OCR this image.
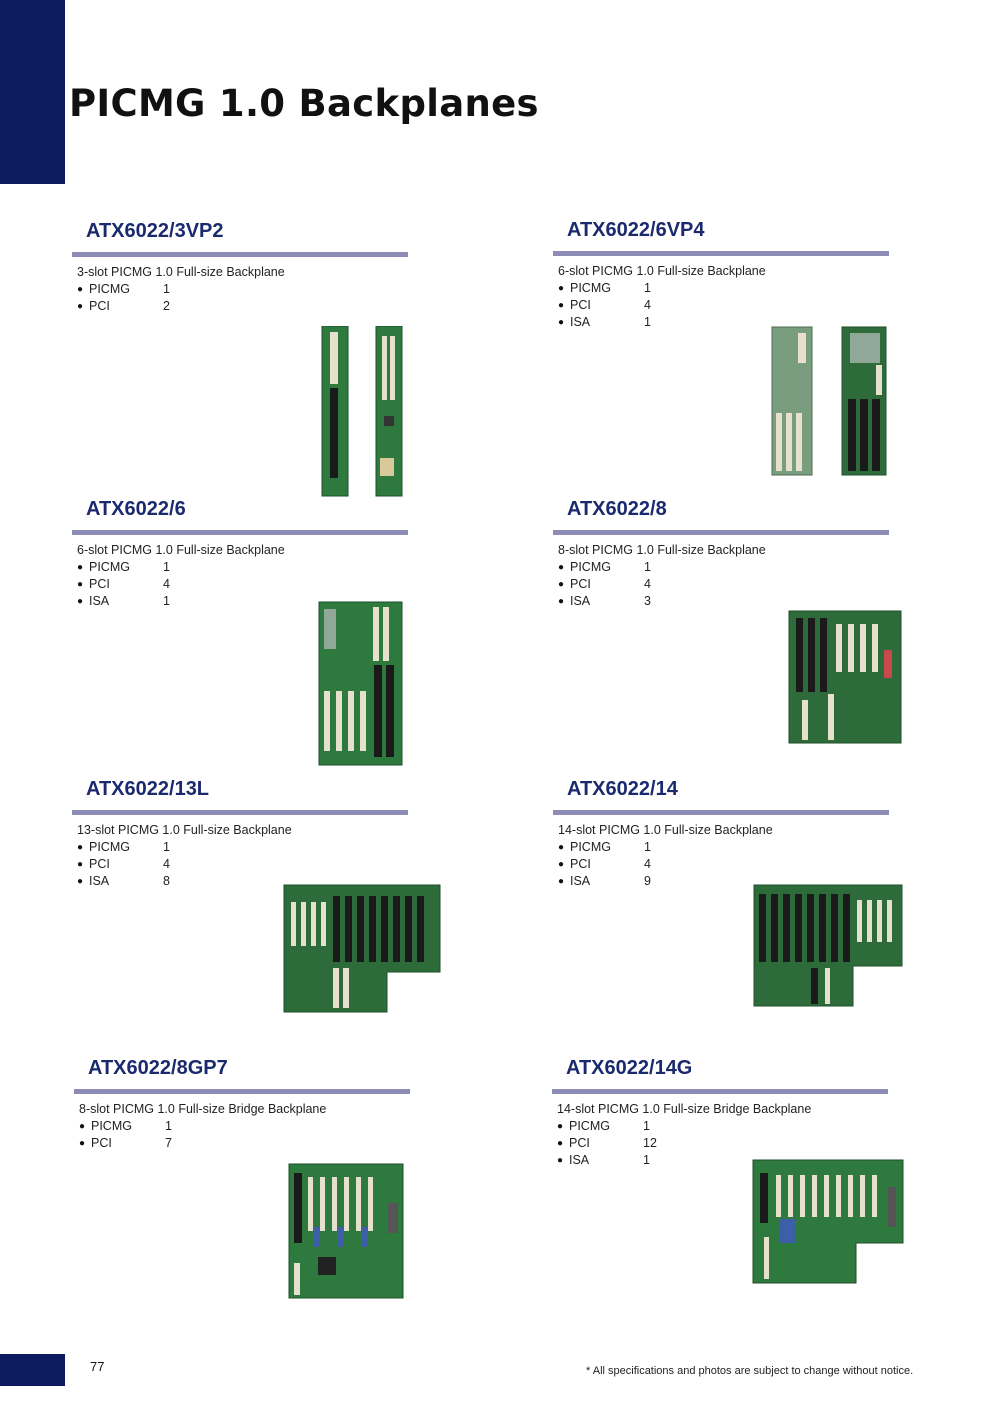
PICMG 1.0 Backplanes
ATX6022/3VP2
3-slot PICMG 1.0 Full-size Backplane
● PICMG	1
● PCI	2
ATX6022/6VP4
6-slot PICMG 1.0 Full-size Backplane
● PICMG	1
● PCI	4
● ISA	1
ATX6022/6
6-slot PICMG 1.0 Full-size Backplane
● PICMG	1
● PCI	4
● ISA	1
ATX6022/8
8-slot PICMG 1.0 Full-size Backplane
● PICMG	1
● PCI	4
● ISA	3
ATX6022/13L
13-slot PICMG 1.0 Full-size Backplane
● PICMG	1
● PCI	4
● ISA	8
ATX6022/14
14-slot PICMG 1.0 Full-size Backplane
● PICMG	1
● PCI	4
● ISA	9
ATX6022/8GP7
8-slot PICMG 1.0 Full-size Bridge Backplane
● PICMG	1
● PCI	7
ATX6022/14G
14-slot PICMG 1.0 Full-size Bridge Backplane
● PICMG	1
● PCI	12
● ISA	1
77	* All specifications and photos are subject to change without notice.
